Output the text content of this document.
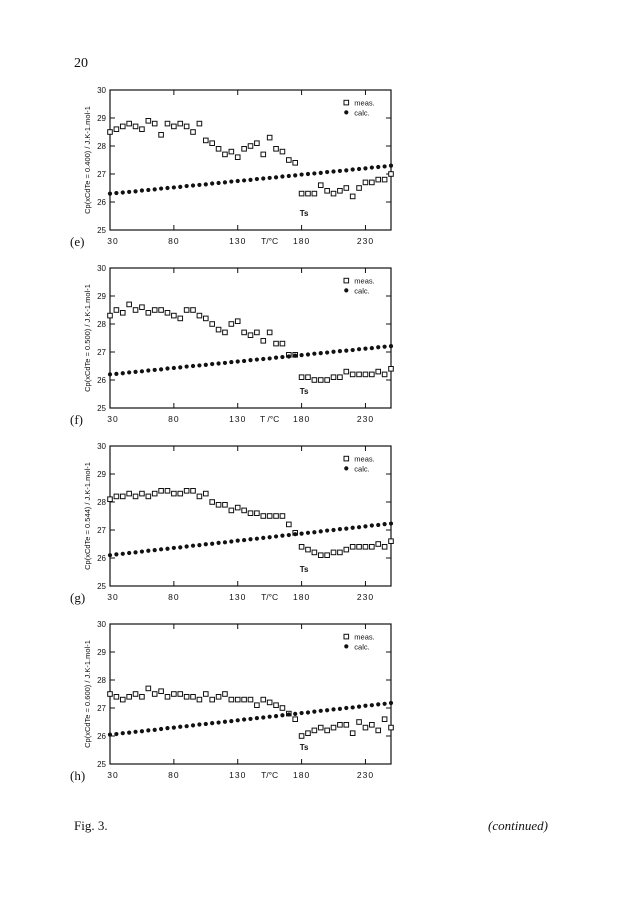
20
25
26
27
28
29
30
30	80	130	180	230
T/°C
Cp(xCdTe = 0.400) / J.K-1.mol-1	Ts
meas.
calc.
(e)
25
26
27
28
29
30
30	80	130	180	230
T /°C
Cp(xCdTe = 0.500) / J.K-1.mol-1	Ts
meas.
calc.
(f)
25
26
27
28
29
30
30	80	130	180	230
T/°C
Cp(xCdTe = 0.544) / J.K-1.mol-1	Ts
meas.
calc.
(g)
25
26
27
28
29
30
30	80	130	180	230
T/°C
Cp(xCdTe = 0.600) / J.K-1.mol-1	Ts
meas.
calc.
(h)
Fig. 3.	(continued)
